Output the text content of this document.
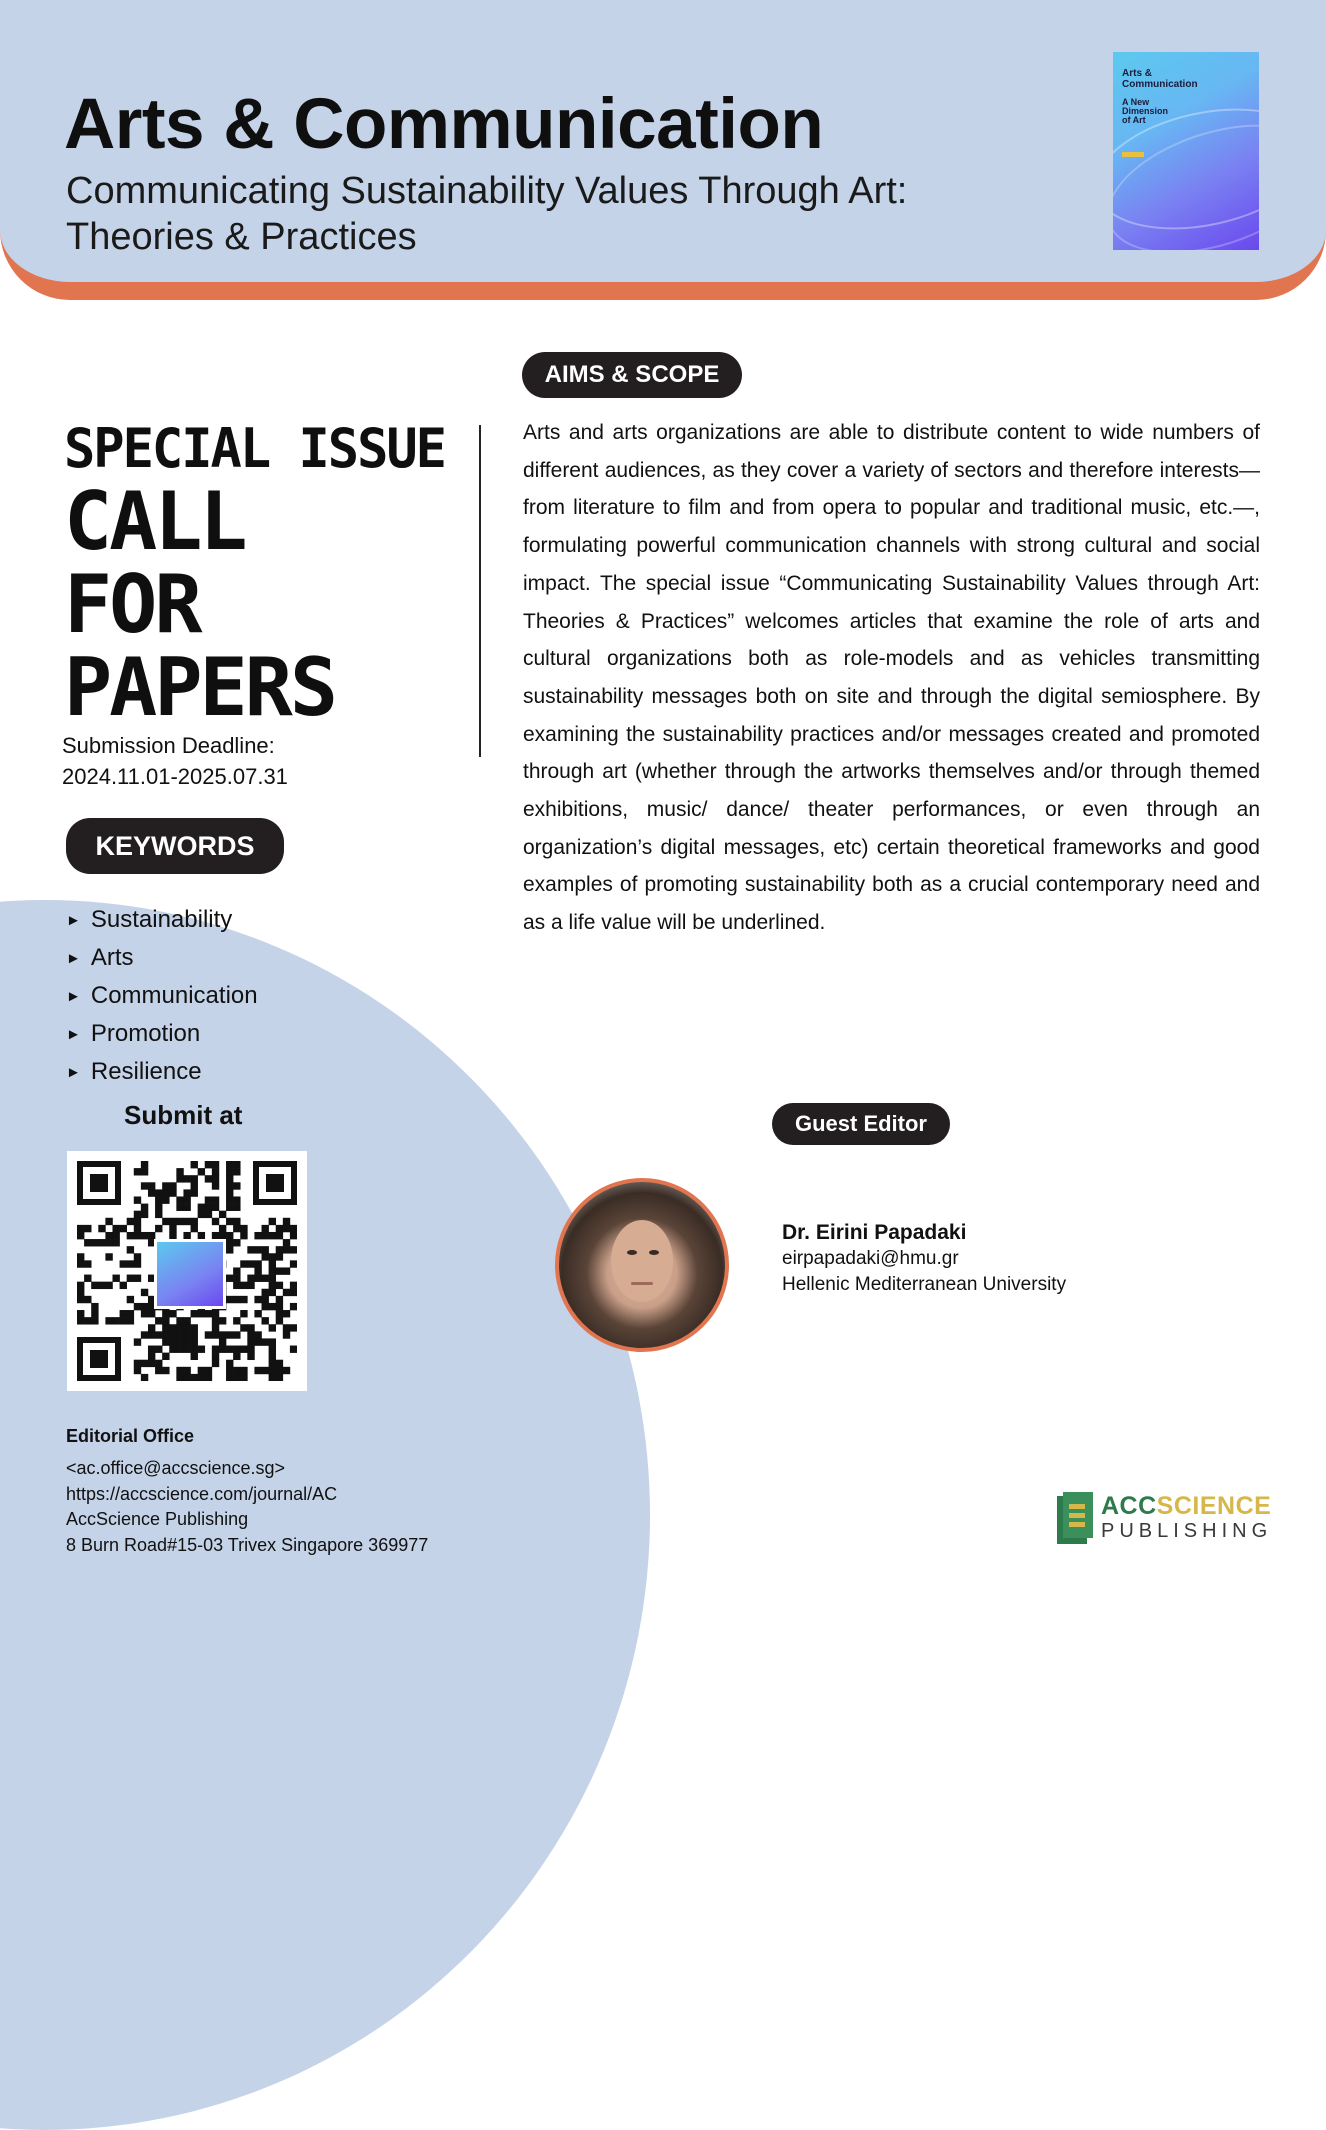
Arts & Communication
Communicating Sustainability Values Through Art:
Theories & Practices
Arts &
Communication
A New
Dimension
of Art
AIMS & SCOPE
SPECIAL ISSUE
CALL
FOR
PAPERS
Submission Deadline:
2024.11.01-2025.07.31

Arts and arts organizations are able to distribute content to wide numbers of different audiences, as they cover a variety of sectors and therefore interests—from literature to film and from opera to popular and traditional music, etc.—, formulating powerful communication channels with strong cultural and social impact. The special issue “Communicating Sustainability Values through Art: Theories & Practices” welcomes articles that examine the role of arts and cultural organizations both as role-models and as vehicles transmitting sustainability messages both on site and through the digital semiosphere. By examining the sustainability practices and/or messages created and promoted through art (whether through the artworks themselves and/or through themed exhibitions, music/ dance/ theater performances, or even through an organization’s digital messages, etc) certain theoretical frameworks and good examples of promoting sustainability both as a crucial contemporary need and as a life value will be underlined.

KEYWORDS
► Sustainability
► Arts
► Communication
► Promotion
► Resilience
Submit at
Editorial Office
<ac.office@accscience.sg>
https://accscience.com/journal/AC
AccScience Publishing
8 Burn Road#15-03 Trivex Singapore 369977
Guest Editor
Dr. Eirini Papadaki
eirpapadaki@hmu.gr
Hellenic Mediterranean University
ACCSCIENCE
PUBLISHING
